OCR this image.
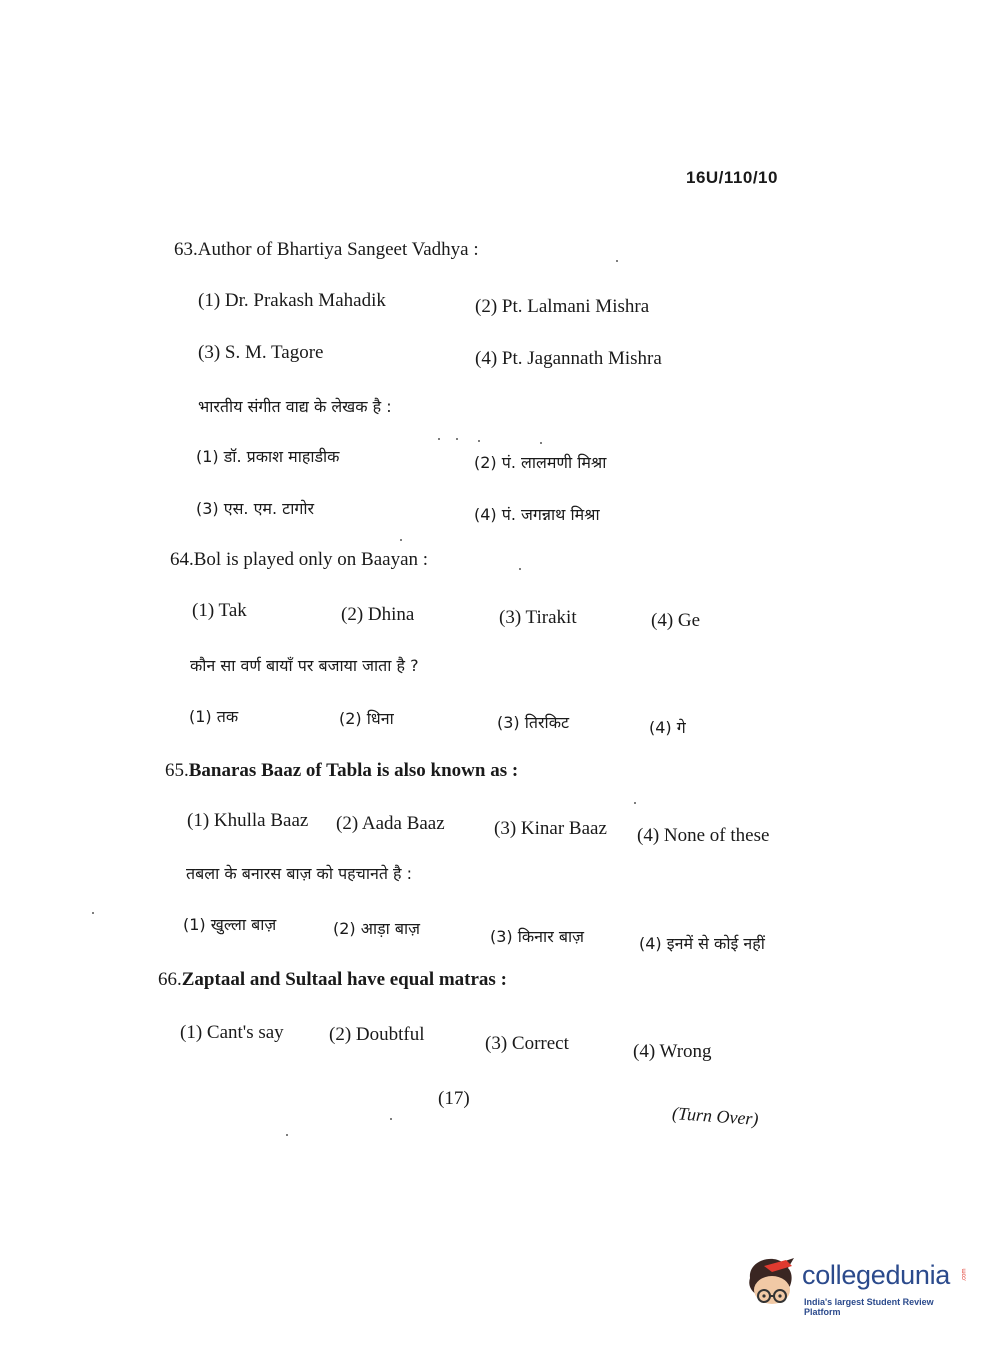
16U/110/10
63.Author of Bhartiya Sangeet Vadhya :
(1) Dr. Prakash Mahadik	(2) Pt. Lalmani Mishra
(3) S. M. Tagore	(4) Pt. Jagannath Mishra
भारतीय संगीत वाद्य के लेखक है :
(1) डॉ. प्रकाश माहाडीक	(2) पं. लालमणी मिश्रा
(3) एस. एम. टागोर	(4) पं. जगन्नाथ मिश्रा
64.Bol is played only on Baayan :
(1) Tak	(2) Dhina	(3) Tirakit	(4) Ge
कौन सा वर्ण बायाँ पर बजाया जाता है ?
(1) तक	(2) धिना	(3) तिरकिट	(4) गे
65.Banaras Baaz of Tabla is also known as :
(1) Khulla Baaz (2) Aada Baaz	(3) Kinar Baaz (4) None of these
तबला के बनारस बाज़ को पहचानते है :
(1) खुल्ला बाज़	(2) आड़ा बाज़	(3) किनार बाज़	(4) इनमें से कोई नहीं
66.Zaptaal and Sultaal have equal matras :
(1) Cant's say (2) Doubtful	(3) Correct	(4) Wrong
(17)
(Turn Over)
collegedunia .com
India's largest Student Review Platform
